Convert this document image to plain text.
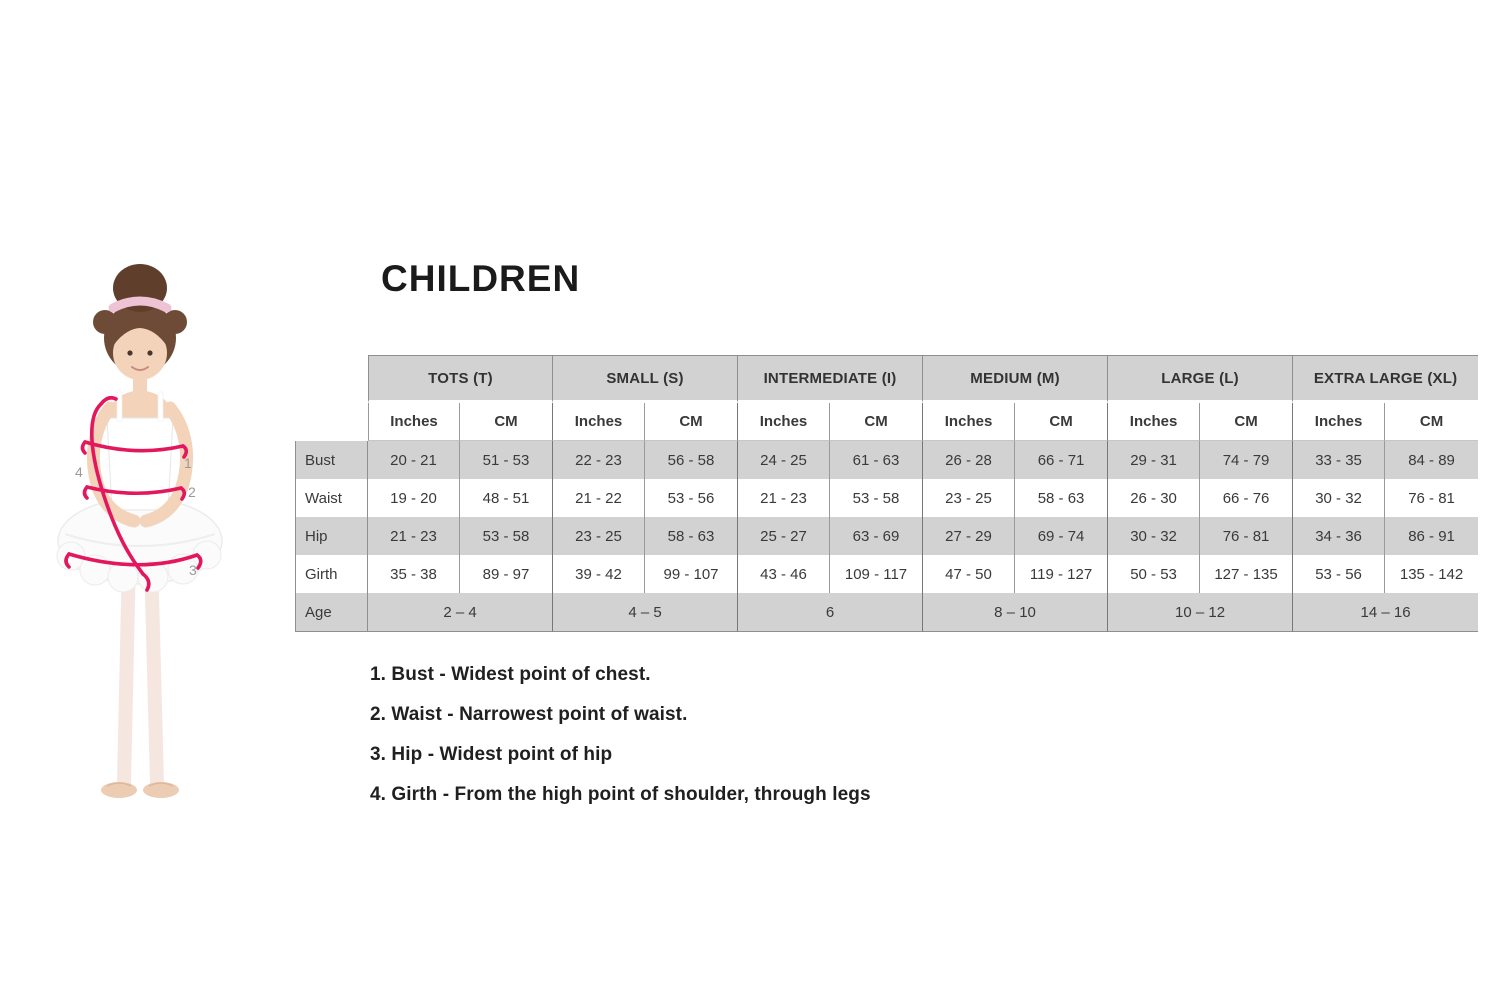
1
2
3
4
CHILDREN
	TOTS (T)		SMALL (S)		INTERMEDIATE (I)		MEDIUM (M)		LARGE (L)		EXTRA LARGE (XL)	
	Inches	CM	Inches	CM	Inches	CM	Inches	CM	Inches	CM	Inches	CM
Bust	20 - 21	51 - 53	22 - 23	56 - 58	24 - 25	61 - 63	26 - 28	66 - 71	29 - 31	74 - 79	33 - 35	84 - 89
Waist	19 - 20	48 - 51	21 - 22	53 - 56	21 - 23	53 - 58	23 - 25	58 - 63	26 - 30	66 - 76	30 - 32	76 - 81
Hip	21 - 23	53 - 58	23 - 25	58 - 63	25 - 27	63 - 69	27 - 29	69 - 74	30 - 32	76 - 81	34 - 36	86 - 91
Girth	35 - 38	89 - 97	39 - 42	99 - 107	43 - 46	109 - 117	47 - 50	119 - 127	50 - 53	127 - 135	53 - 56	135 - 142
Age	2 – 4		4 – 5		6		8 – 10		10 – 12		14 – 16	
1. Bust - Widest point of chest.
2. Waist - Narrowest point of waist.
3. Hip - Widest point of hip
4. Girth - From the high point of shoulder, through legs
